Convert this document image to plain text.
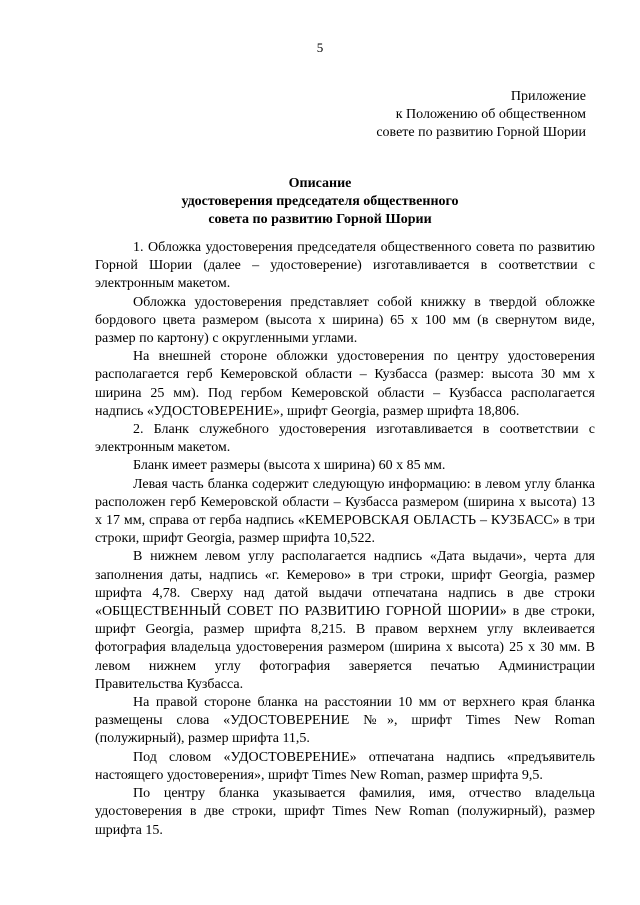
5
Приложение
к Положению об общественном
совете по развитию Горной Шории
Описание
удостоверения председателя общественного
совета по развитию Горной Шории

1. Обложка удостоверения председателя общественного совета по развитию Горной Шории (далее – удостоверение) изготавливается в соответствии с электронным макетом.

Обложка удостоверения представляет собой книжку в твердой обложке бордового цвета размером (высота х ширина) 65 х 100 мм (в свернутом виде, размер по картону) с округленными углами.

На внешней стороне обложки удостоверения по центру удостоверения располагается герб Кемеровской области – Кузбасса (размер: высота 30 мм х ширина 25 мм). Под гербом Кемеровской области – Кузбасса располагается надпись «УДОСТОВЕРЕНИЕ», шрифт Georgia, размер шрифта 18,806.

2. Бланк служебного удостоверения изготавливается в соответствии с электронным макетом.

Бланк имеет размеры (высота х ширина) 60 х 85 мм.

Левая часть бланка содержит следующую информацию: в левом углу бланка расположен герб Кемеровской области – Кузбасса размером (ширина х высота) 13 х 17 мм, справа от герба надпись «КЕМЕРОВСКАЯ ОБЛАСТЬ – КУЗБАСС» в три строки, шрифт Georgia, размер шрифта 10,522.

В нижнем левом углу располагается надпись «Дата выдачи», черта для заполнения даты, надпись «г. Кемерово» в три строки, шрифт Georgia, размер шрифта 4,78. Сверху над датой выдачи отпечатана надпись в две строки «ОБЩЕСТВЕННЫЙ СОВЕТ ПО РАЗВИТИЮ ГОРНОЙ ШОРИИ» в две строки, шрифт Georgia, размер шрифта 8,215. В правом верхнем углу вклеивается фотография владельца удостоверения размером (ширина х высота) 25 х 30 мм. В левом нижнем углу фотография заверяется печатью Администрации Правительства Кузбасса.

На правой стороне бланка на расстоянии 10 мм от верхнего края бланка размещены слова «УДОСТОВЕРЕНИЕ №», шрифт Times New Roman (полужирный), размер шрифта 11,5.

Под словом «УДОСТОВЕРЕНИЕ» отпечатана надпись «предъявитель настоящего удостоверения», шрифт Times New Roman, размер шрифта 9,5.

По центру бланка указывается фамилия, имя, отчество владельца удостоверения в две строки, шрифт Times New Roman (полужирный), размер шрифта 15.
